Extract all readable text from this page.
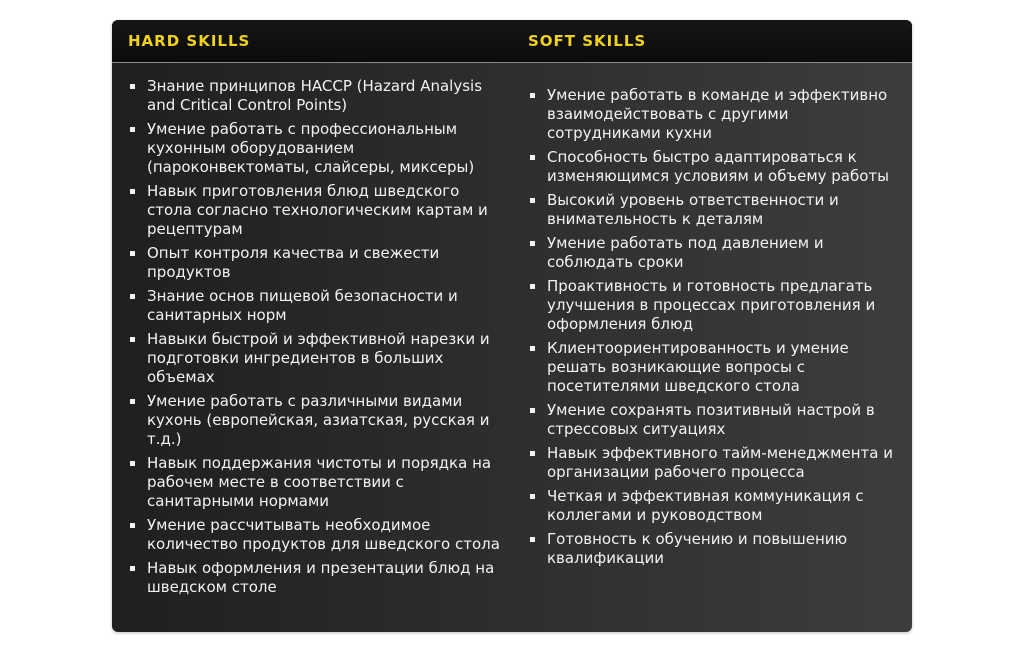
HARD SKILLS	SOFT SKILLS
Знание принципов HACCP (Hazard Analysis and Critical Control Points)
Умение работать с профессиональным кухонным оборудованием (пароконвектоматы, слайсеры, миксеры)
Навык приготовления блюд шведского стола согласно технологическим картам и рецептурам
Опыт контроля качества и свежести продуктов
Знание основ пищевой безопасности и санитарных норм
Навыки быстрой и эффективной нарезки и подготовки ингредиентов в больших объемах
Умение работать с различными видами кухонь (европейская, азиатская, русская и т.д.)
Навык поддержания чистоты и порядка на рабочем месте в соответствии с санитарными нормами
Умение рассчитывать необходимое количество продуктов для шведского стола
Навык оформления и презентации блюд на шведском столе
Умение работать в команде и эффективно взаимодействовать с другими сотрудниками кухни
Способность быстро адаптироваться к изменяющимся условиям и объему работы
Высокий уровень ответственности и внимательность к деталям
Умение работать под давлением и соблюдать сроки
Проактивность и готовность предлагать улучшения в процессах приготовления и оформления блюд
Клиентоориентированность и умение решать возникающие вопросы с посетителями шведского стола
Умение сохранять позитивный настрой в стрессовых ситуациях
Навык эффективного тайм-менеджмента и организации рабочего процесса
Четкая и эффективная коммуникация с коллегами и руководством
Готовность к обучению и повышению квалификации
